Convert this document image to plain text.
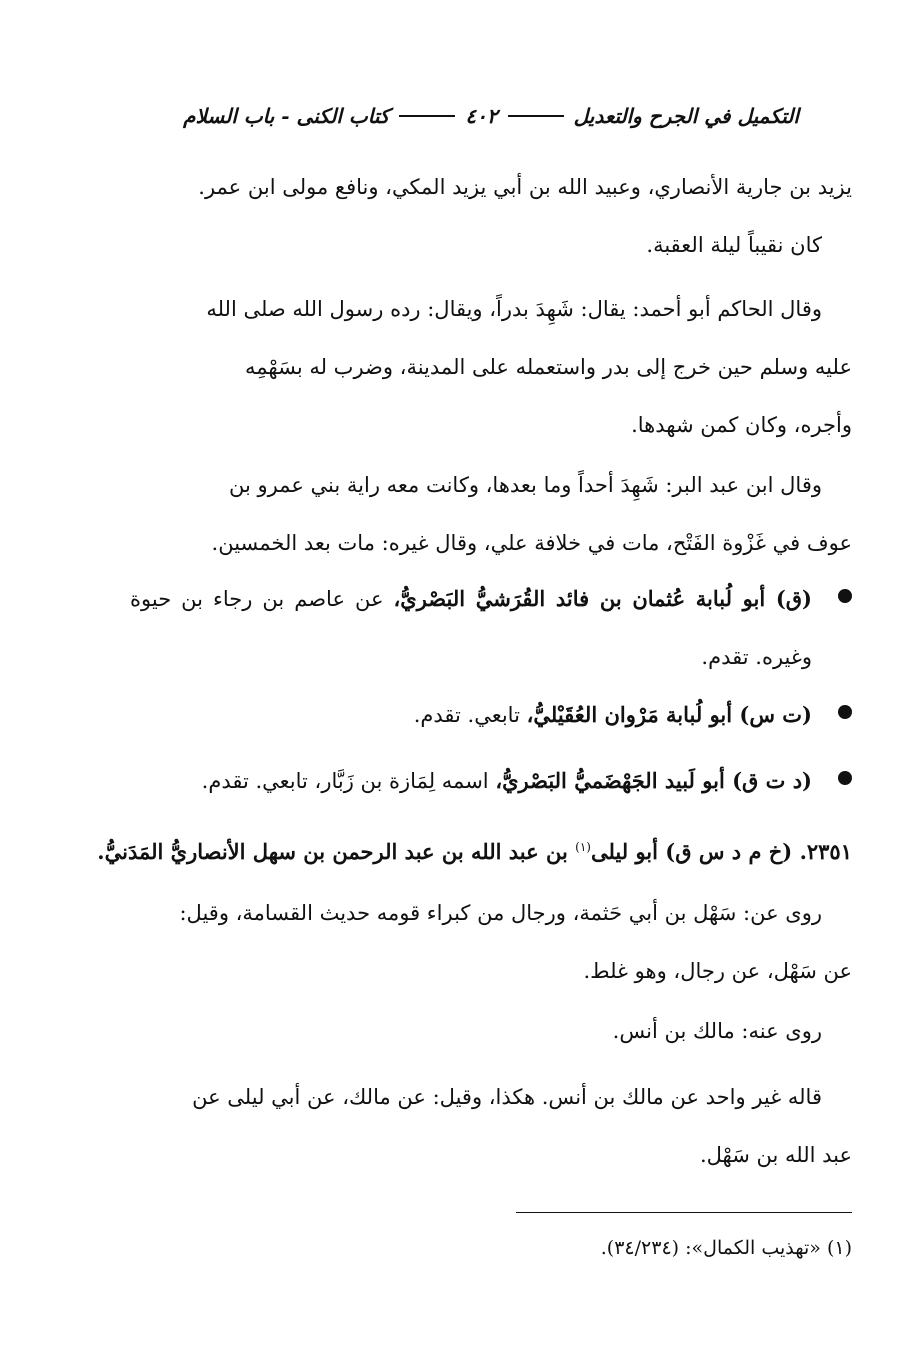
التكميل في الجرح والتعديل
٤٠٢
كتاب الكنى - باب السلام
يزيد بن جارية الأنصاري، وعبيد الله بن أبي يزيد المكي، ونافع مولى ابن عمر.
كان نقيباً ليلة العقبة.
وقال الحاكم أبو أحمد: يقال: شَهِدَ بدراً، ويقال: رده رسول الله صلى الله
عليه وسلم حين خرج إلى بدر واستعمله على المدينة، وضرب له بسَهْمِه
وأجره، وكان كمن شهدها.
وقال ابن عبد البر: شَهِدَ أحداً وما بعدها، وكانت معه راية بني عمرو بن
عوف في غَزْوة الفَتْح، مات في خلافة علي، وقال غيره: مات بعد الخمسين.
(ق) أبو لُبابة عُثمان بن فائد القُرَشيُّ البَصْريُّ، عن عاصم بن رجاء بن حيوة وغيره. تقدم.
(ت س) أبو لُبابة مَرْوان العُقَيْليُّ، تابعي. تقدم.
(د ت ق) أبو لَبيد الجَهْضَميُّ البَصْريُّ، اسمه لِمَازة بن زَبَّار، تابعي. تقدم.
٢٣٥١. (خ م د س ق) أبو ليلى$^{(١)}$ بن عبد الله بن عبد الرحمن بن سهل الأنصاريُّ المَدَنيُّ.
روى عن: سَهْل بن أبي حَثمة، ورجال من كبراء قومه حديث القسامة، وقيل:
عن سَهْل، عن رجال، وهو غلط.
روى عنه: مالك بن أنس.
قاله غير واحد عن مالك بن أنس. هكذا، وقيل: عن مالك، عن أبي ليلى عن
عبد الله بن سَهْل.
(١) «تهذيب الكمال»: (٣٤/٢٣٤).
